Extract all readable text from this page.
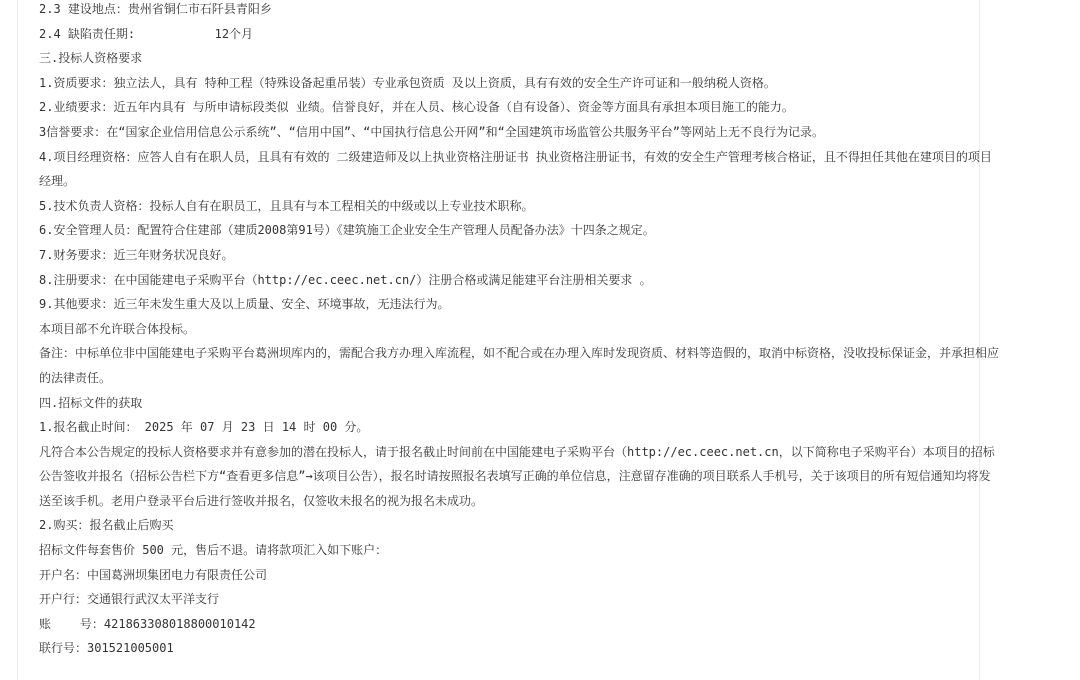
2.3 建设地点：贵州省铜仁市石阡县青阳乡
2.4 缺陷责任期:           12个月
三.投标人资格要求
1.资质要求：独立法人，具有 特种工程（特殊设备起重吊装）专业承包资质 及以上资质，具有有效的安全生产许可证和一般纳税人资格。
2.业绩要求：近五年内具有 与所申请标段类似 业绩。信誉良好，并在人员、核心设备（自有设备）、资金等方面具有承担本项目施工的能力。
3信誉要求：在“国家企业信用信息公示系统”、“信用中国”、“中国执行信息公开网”和“全国建筑市场监管公共服务平台”等网站上无不良行为记录。
4.项目经理资格：应答人自有在职人员，且具有有效的 二级建造师及以上执业资格注册证书 执业资格注册证书，有效的安全生产管理考核合格证，且不得担任其他在建项目的项目
经理。
5.技术负责人资格：投标人自有在职员工，且具有与本工程相关的中级或以上专业技术职称。
6.安全管理人员：配置符合住建部（建质2008第91号）《建筑施工企业安全生产管理人员配备办法》十四条之规定。
7.财务要求：近三年财务状况良好。
8.注册要求：在中国能建电子采购平台（http://ec.ceec.net.cn/）注册合格或满足能建平台注册相关要求 。
9.其他要求：近三年未发生重大及以上质量、安全、环境事故，无违法行为。
本项目部不允许联合体投标。
备注：中标单位非中国能建电子采购平台葛洲坝库内的，需配合我方办理入库流程，如不配合或在办理入库时发现资质、材料等造假的，取消中标资格，没收投标保证金，并承担相应
的法律责任。
四.招标文件的获取
1.报名截止时间： 2025 年 07 月 23 日 14 时 00 分。
凡符合本公告规定的投标人资格要求并有意参加的潜在投标人，请于报名截止时间前在中国能建电子采购平台（http://ec.ceec.net.cn，以下简称电子采购平台）本项目的招标
公告签收并报名（招标公告栏下方“查看更多信息”→该项目公告），报名时请按照报名表填写正确的单位信息，注意留存准确的项目联系人手机号，关于该项目的所有短信通知均将发
送至该手机。老用户登录平台后进行签收并报名，仅签收未报名的视为报名未成功。
2.购买：报名截止后购买
招标文件每套售价 500 元，售后不退。请将款项汇入如下账户：
开户名：中国葛洲坝集团电力有限责任公司
开户行：交通银行武汉太平洋支行
账    号：421863308018800010142
联行号：301521005001
